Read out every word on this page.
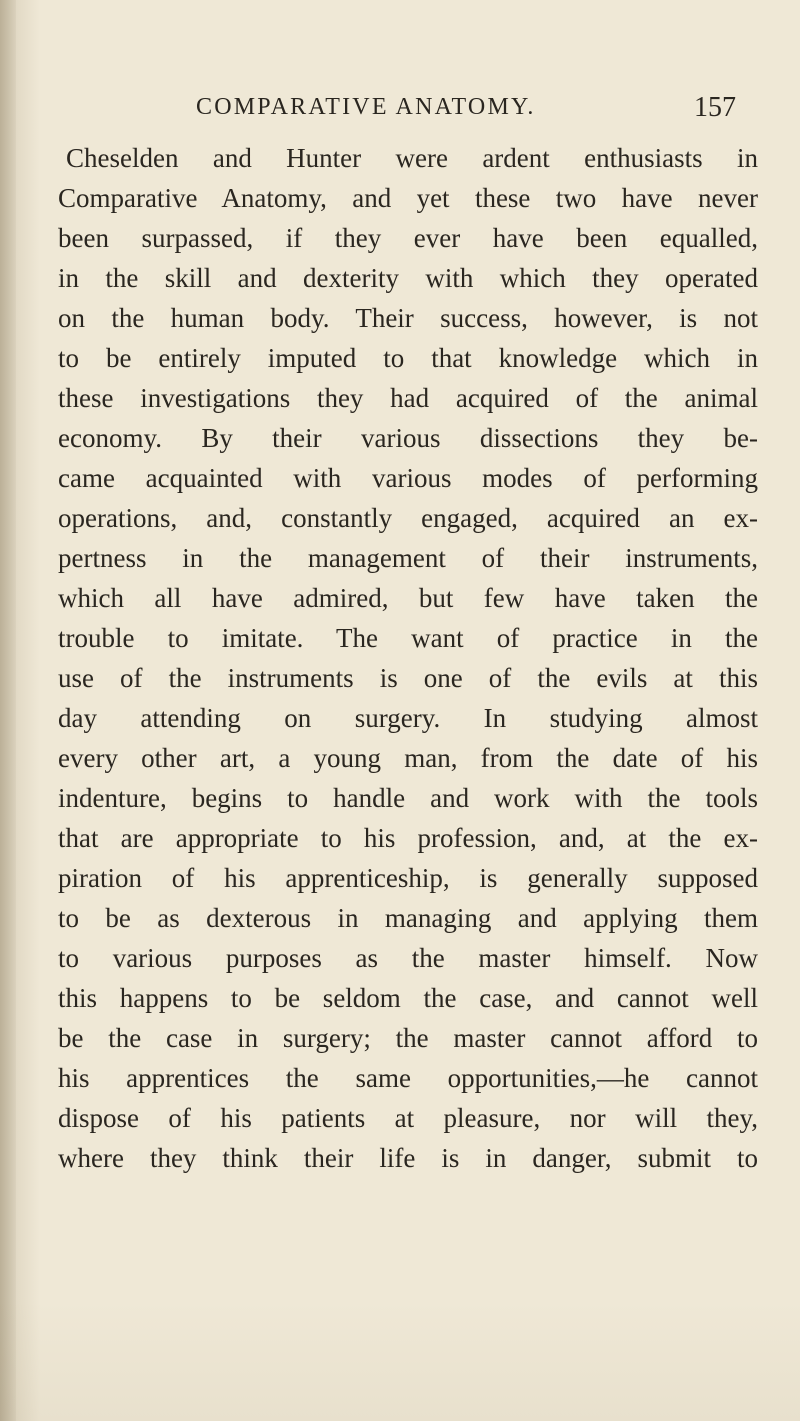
COMPARATIVE ANATOMY.	157
Cheselden and Hunter were ardent enthusiasts in
Comparative Anatomy, and yet these two have never
been surpassed, if they ever have been equalled,
in the skill and dexterity with which they operated
on the human body. Their success, however, is not
to be entirely imputed to that knowledge which in
these investigations they had acquired of the animal
economy. By their various dissections they be-
came acquainted with various modes of performing
operations, and, constantly engaged, acquired an ex-
pertness in the management of their instruments,
which all have admired, but few have taken the
trouble to imitate. The want of practice in the
use of the instruments is one of the evils at this
day attending on surgery. In studying almost
every other art, a young man, from the date of his
indenture, begins to handle and work with the tools
that are appropriate to his profession, and, at the ex-
piration of his apprenticeship, is generally supposed
to be as dexterous in managing and applying them
to various purposes as the master himself. Now
this happens to be seldom the case, and cannot well
be the case in surgery; the master cannot afford to
his apprentices the same opportunities,—he cannot
dispose of his patients at pleasure, nor will they,
where they think their life is in danger, submit to
